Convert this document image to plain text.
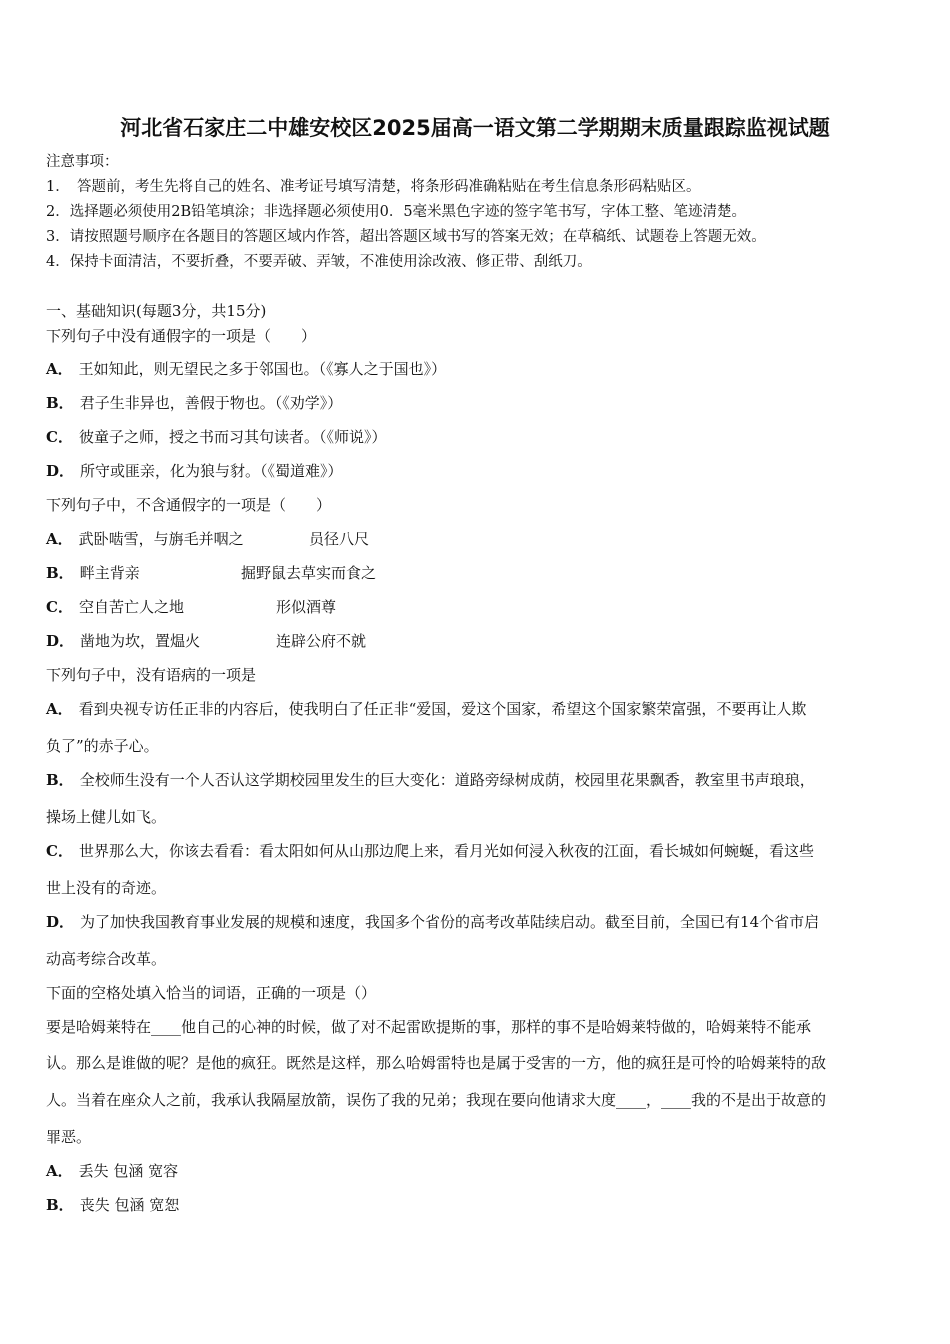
河北省石家庄二中雄安校区2025届高一语文第二学期期末质量跟踪监视试题
注意事项：
1．　答题前，考生先将自己的姓名、准考证号填写清楚，将条形码准确粘贴在考生信息条形码粘贴区。
2．选择题必须使用2B铅笔填涂；非选择题必须使用0．5毫米黑色字迹的签字笔书写，字体工整、笔迹清楚。
3．请按照题号顺序在各题目的答题区域内作答，超出答题区域书写的答案无效；在草稿纸、试题卷上答题无效。
4．保持卡面清洁，不要折叠，不要弄破、弄皱，不准使用涂改液、修正带、刮纸刀。
一、基础知识(每题3分，共15分)
下列句子中没有通假字的一项是（　　）
A． 王如知此，则无望民之多于邻国也。（《寡人之于国也》）
B． 君子生非异也，善假于物也。（《劝学》）
C． 彼童子之师，授之书而习其句读者。（《师说》）
D． 所守或匪亲，化为狼与豺。（《蜀道难》）
下列句子中，不含通假字的一项是（　　）
A． 武卧啮雪，与旃毛并咽之	员径八尺
B． 畔主背亲	掘野鼠去草实而食之
C． 空自苦亡人之地	形似酒尊
D． 凿地为坎，置煴火	连辟公府不就
下列句子中，没有语病的一项是
A． 看到央视专访任正非的内容后，使我明白了任正非“爱国，爱这个国家，希望这个国家繁荣富强，不要再让人欺
负了”的赤子心。
B． 全校师生没有一个人否认这学期校园里发生的巨大变化：道路旁绿树成荫，校园里花果飘香，教室里书声琅琅，
操场上健儿如飞。
C． 世界那么大，你该去看看：看太阳如何从山那边爬上来，看月光如何浸入秋夜的江面，看长城如何蜿蜒，看这些
世上没有的奇迹。
D． 为了加快我国教育事业发展的规模和速度，我国多个省份的高考改革陆续启动。截至目前，全国已有14个省市启
动高考综合改革。
下面的空格处填入恰当的词语，正确的一项是（）
要是哈姆莱特在____他自己的心神的时候，做了对不起雷欧提斯的事，那样的事不是哈姆莱特做的，哈姆莱特不能承
认。那么是谁做的呢？是他的疯狂。既然是这样，那么哈姆雷特也是属于受害的一方，他的疯狂是可怜的哈姆莱特的敌
人。当着在座众人之前，我承认我隔屋放箭，误伤了我的兄弟；我现在要向他请求大度____，____我的不是出于故意的
罪恶。
A． 丢失 包涵 宽容
B． 丧失 包涵 宽恕
